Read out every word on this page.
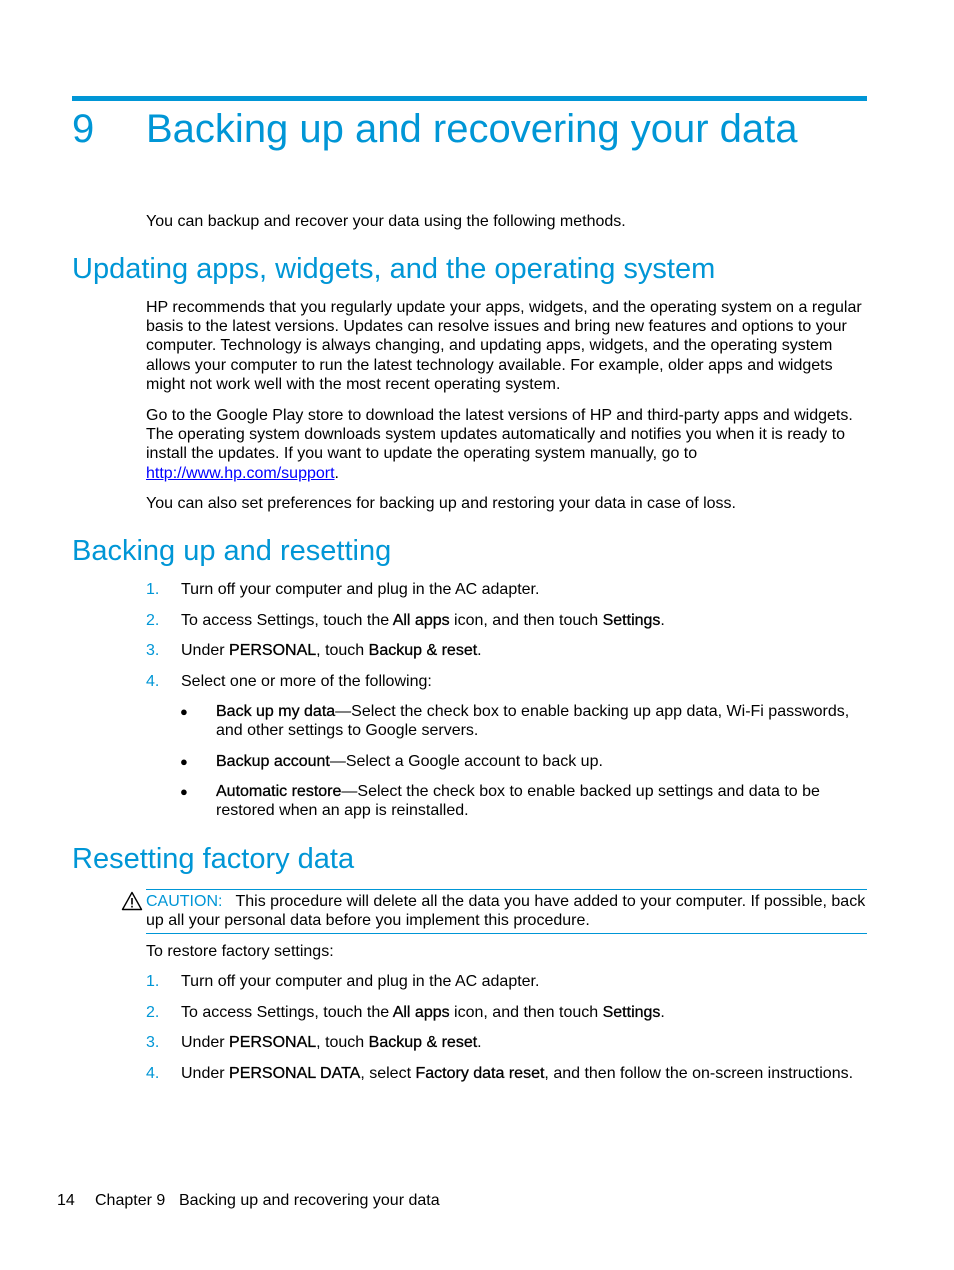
9 Backing up and recovering your data

You can backup and recover your data using the following methods.

Updating apps, widgets, and the operating system

HP recommends that you regularly update your apps, widgets, and the operating system on a regular basis to the latest versions. Updates can resolve issues and bring new features and options to your computer. Technology is always changing, and updating apps, widgets, and the operating system allows your computer to run the latest technology available. For example, older apps and widgets might not work well with the most recent operating system.

Go to the Google Play store to download the latest versions of HP and third-party apps and widgets. The operating system downloads system updates automatically and notifies you when it is ready to install the updates. If you want to update the operating system manually, go to http://www.hp.com/support.

You can also set preferences for backing up and restoring your data in case of loss.

Backing up and resetting
1. Turn off your computer and plug in the AC adapter.
2. To access Settings, touch the All apps icon, and then touch Settings.
3. Under PERSONAL, touch Backup & reset.
4. Select one or more of the following:
● Back up my data—Select the check box to enable backing up app data, Wi-Fi passwords, and other settings to Google servers.
● Backup account—Select a Google account to back up.
● Automatic restore—Select the check box to enable backed up settings and data to be restored when an app is reinstalled.
Resetting factory data
CAUTION: This procedure will delete all the data you have added to your computer. If possible, back up all your personal data before you implement this procedure.

To restore factory settings:

1. Turn off your computer and plug in the AC adapter.
2. To access Settings, touch the All apps icon, and then touch Settings.
3. Under PERSONAL, touch Backup & reset.
4. Under PERSONAL DATA, select Factory data reset, and then follow the on-screen instructions.
14 Chapter 9 Backing up and recovering your data
